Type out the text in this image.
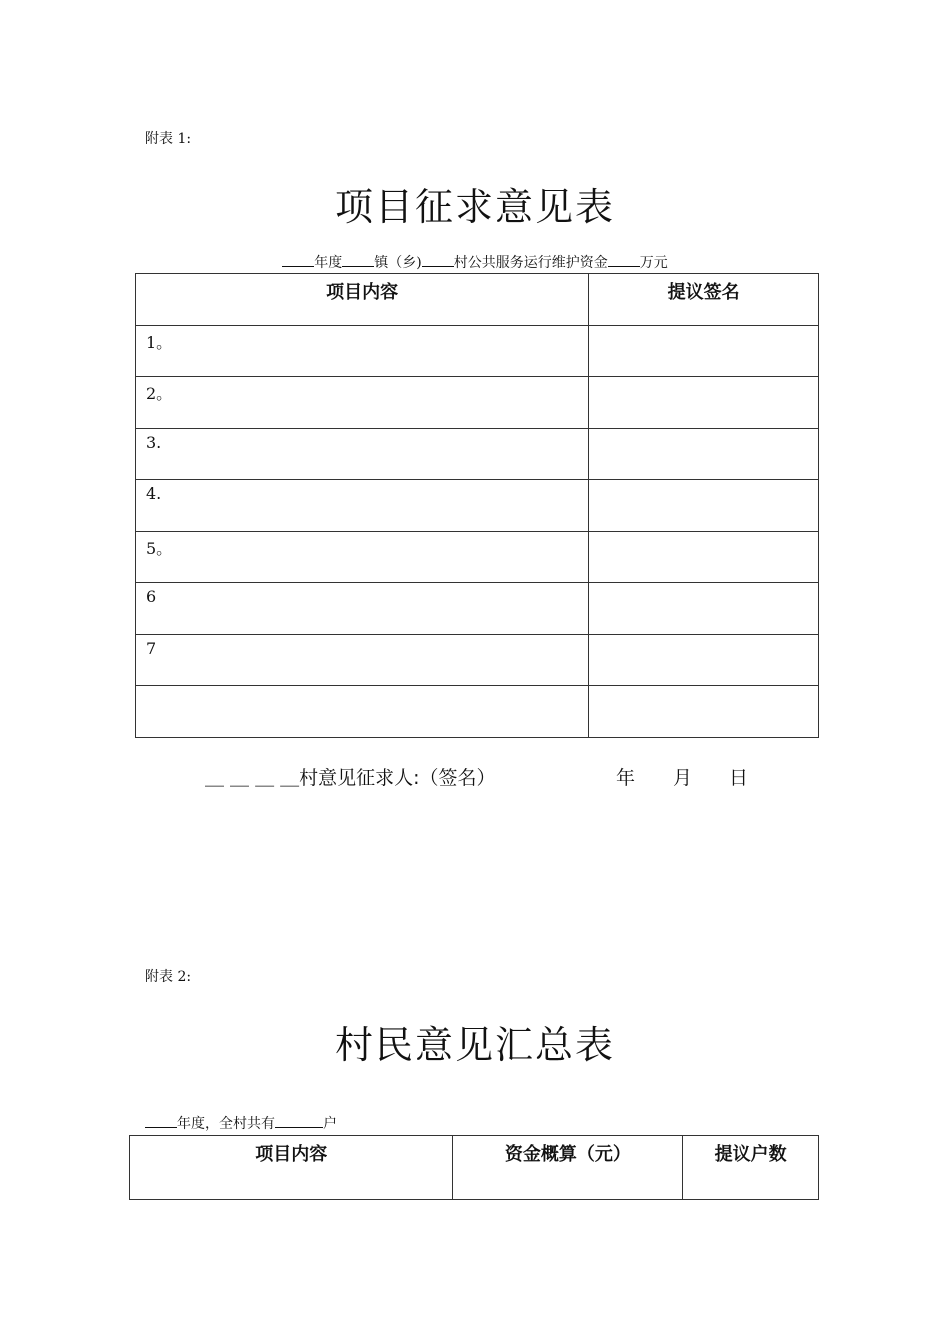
附表 1:
项目征求意见表
年度 镇（乡) 村公共服务运行维护资金 万元
项目内容	提议签名
1。	
2。	
3.	
4.	
5。	
6	
7	

＿ ＿ ＿ ＿村意见征求人:（签名）	年 月 日
附表 2:
村民意见汇总表
年度，全村共有	户
项目内容	资金概算（元）	提议户数
